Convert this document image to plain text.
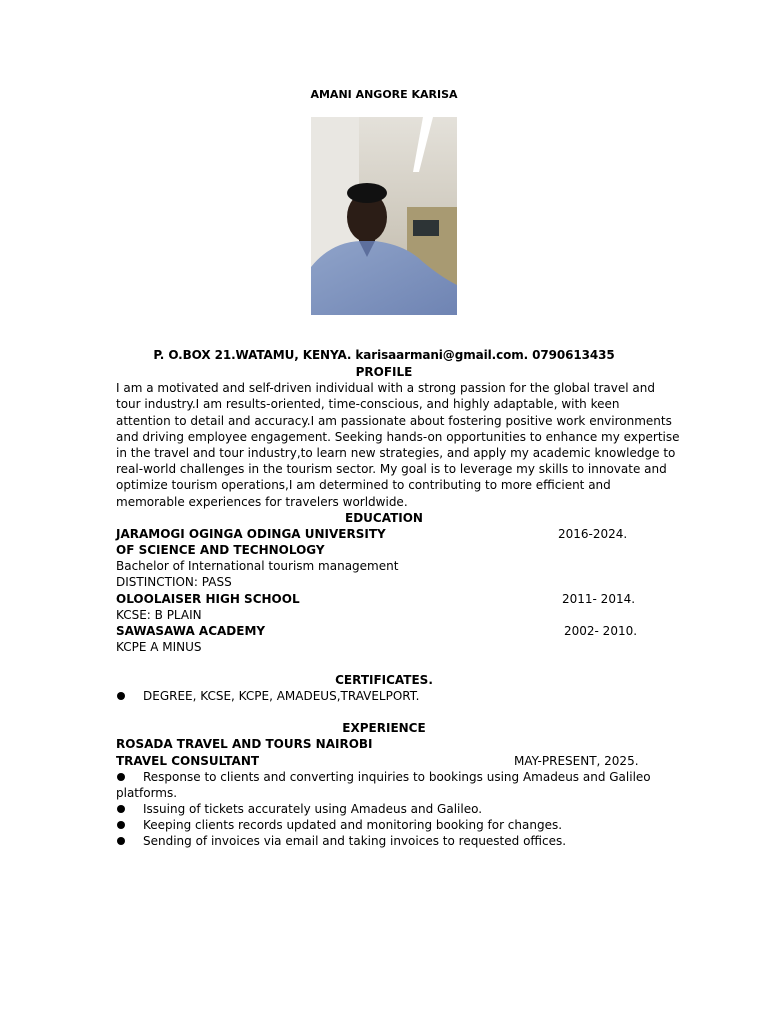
AMANI ANGORE KARISA
P. O.BOX 21.WATAMU, KENYA. karisaarmani@gmail.com. 0790613435
PROFILE
I am a motivated and self-driven individual with a strong passion for the global travel and
tour industry.I am results-oriented, time-conscious, and highly adaptable, with keen
attention to detail and accuracy.I am passionate about fostering positive work environments
and driving employee engagement. Seeking hands-on opportunities to enhance my expertise
in the travel and tour industry,to learn new strategies, and apply my academic knowledge to
real-world challenges in the tourism sector. My goal is to leverage my skills to innovate and
optimize tourism operations,I am determined to contributing to more efficient and
memorable experiences for travelers worldwide.
EDUCATION
JARAMOGI OGINGA ODINGA UNIVERSITY	2016-2024.
OF SCIENCE AND TECHNOLOGY
Bachelor of International tourism management
DISTINCTION: PASS
OLOOLAISER HIGH SCHOOL	2011- 2014.
KCSE: B PLAIN
SAWASAWA ACADEMY	2002- 2010.
KCPE A MINUS
CERTIFICATES.
DEGREE, KCSE, KCPE, AMADEUS,TRAVELPORT.
EXPERIENCE
ROSADA TRAVEL AND TOURS NAIROBI
TRAVEL CONSULTANT	MAY-PRESENT, 2025.
Response to clients and converting inquiries to bookings using Amadeus and Galileo
platforms.
Issuing of tickets accurately using Amadeus and Galileo.
Keeping clients records updated and monitoring booking for changes.
Sending of invoices via email and taking invoices to requested offices.
